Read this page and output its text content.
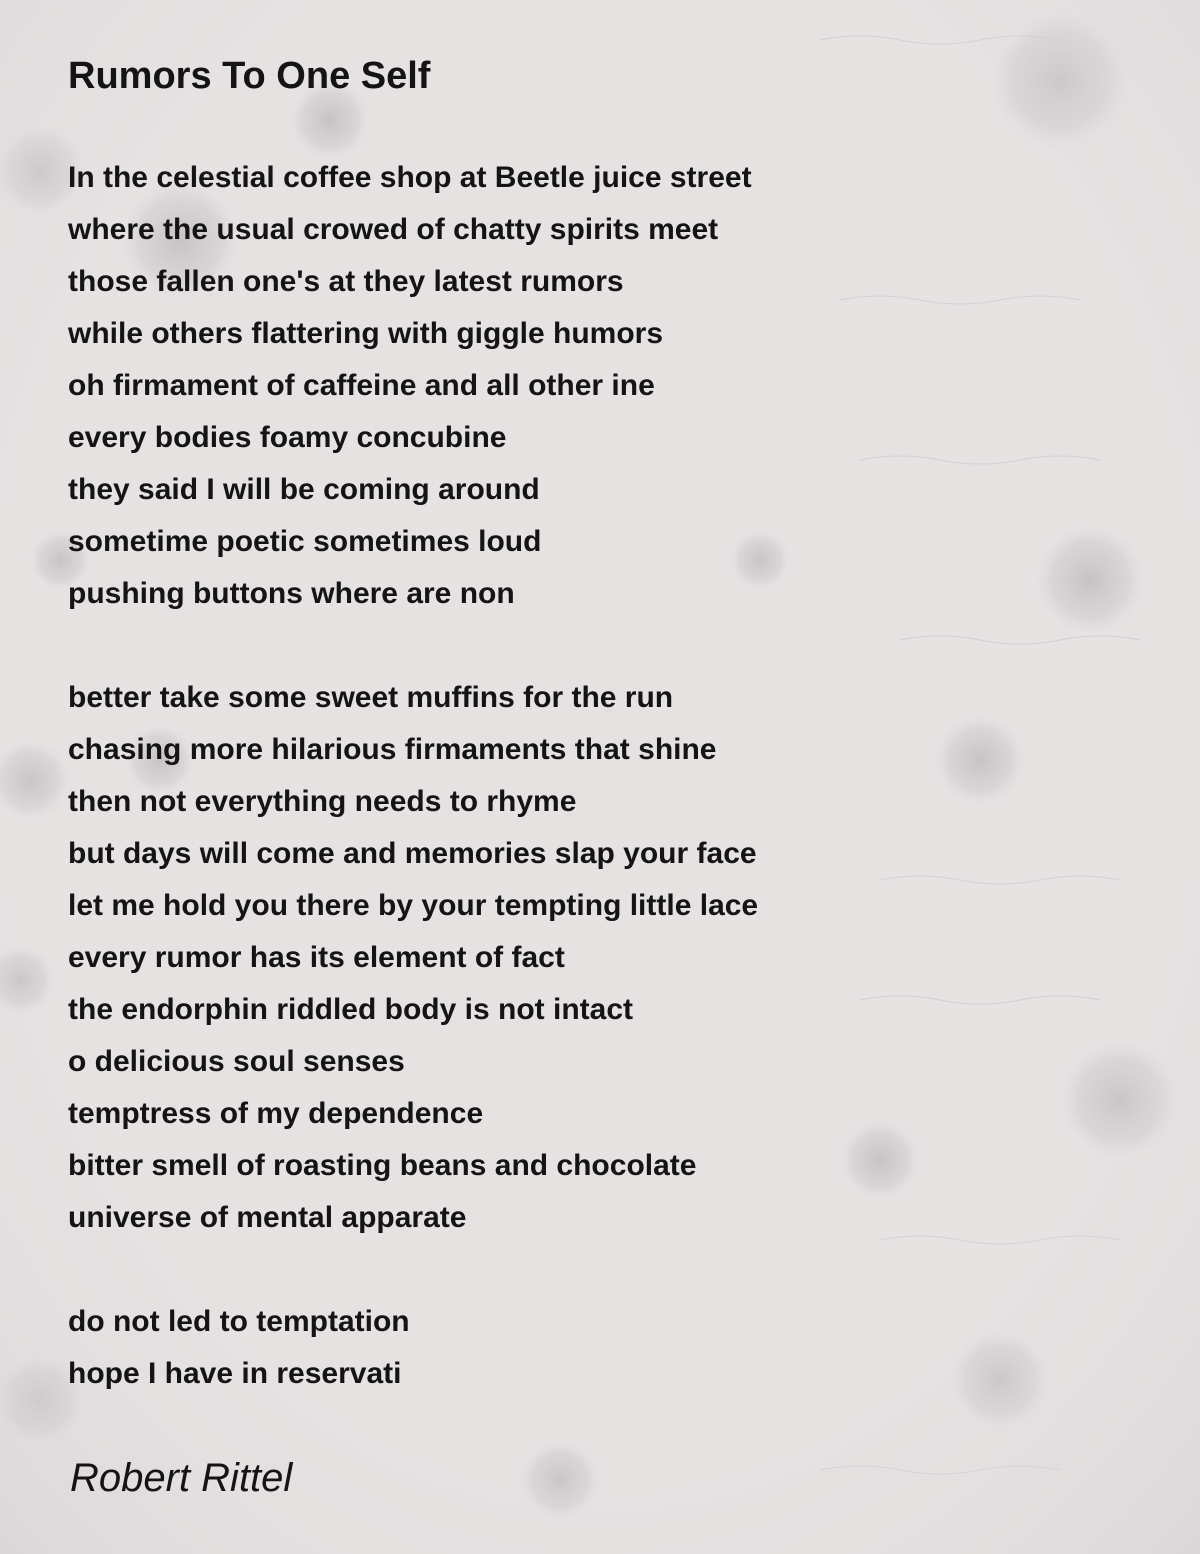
Rumors To One Self
In the celestial coffee shop at Beetle juice street
where the usual crowed of chatty spirits meet
those fallen one's at they latest rumors
while others flattering with giggle humors
oh firmament of caffeine and all other ine
every bodies foamy concubine
they said I will be coming around
sometime poetic sometimes loud
pushing buttons where are non
better take some sweet muffins for the run
chasing more hilarious firmaments that shine
then not everything needs to rhyme
but days will come and memories slap your face
let me hold you there by your tempting little lace
every rumor has its element of fact
the endorphin riddled body is not intact
o delicious soul senses
temptress of my dependence
bitter smell of roasting beans and chocolate
universe of mental apparate
do not led to temptation
hope I have in reservati
Robert Rittel
